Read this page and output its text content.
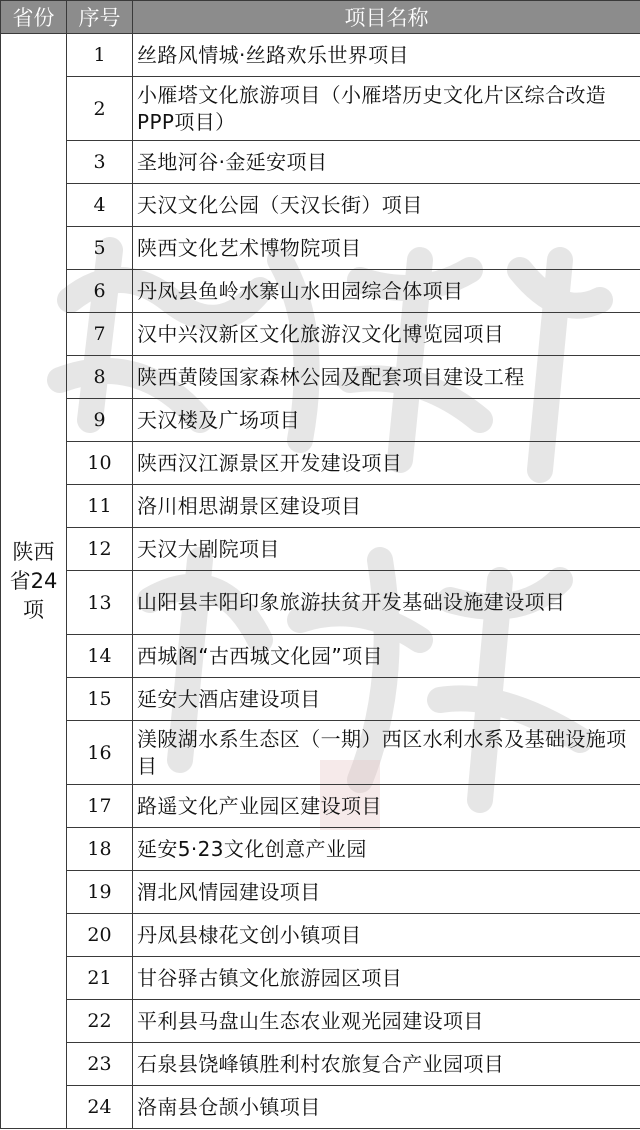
省份	序号	项目名称
陕西省24项	1	丝路风情城·丝路欢乐世界项目
	2	小雁塔文化旅游项目（小雁塔历史文化片区综合改造PPP项目）
	3	圣地河谷·金延安项目
	4	天汉文化公园（天汉长街）项目
	5	陕西文化艺术博物院项目
	6	丹凤县鱼岭水寨山水田园综合体项目
	7	汉中兴汉新区文化旅游汉文化博览园项目
	8	陕西黄陵国家森林公园及配套项目建设工程
	9	天汉楼及广场项目
	10	陕西汉江源景区开发建设项目
	11	洛川相思湖景区建设项目
	12	天汉大剧院项目
	13	山阳县丰阳印象旅游扶贫开发基础设施建设项目
	14	西城阁“古西城文化园”项目
	15	延安大酒店建设项目
	16	渼陂湖水系生态区（一期）西区水利水系及基础设施项目
	17	路遥文化产业园区建设项目
	18	延安5·23文化创意产业园
	19	渭北风情园建设项目
	20	丹凤县棣花文创小镇项目
	21	甘谷驿古镇文化旅游园区项目
	22	平利县马盘山生态农业观光园建设项目
	23	石泉县饶峰镇胜利村农旅复合产业园项目
	24	洛南县仓颉小镇项目
